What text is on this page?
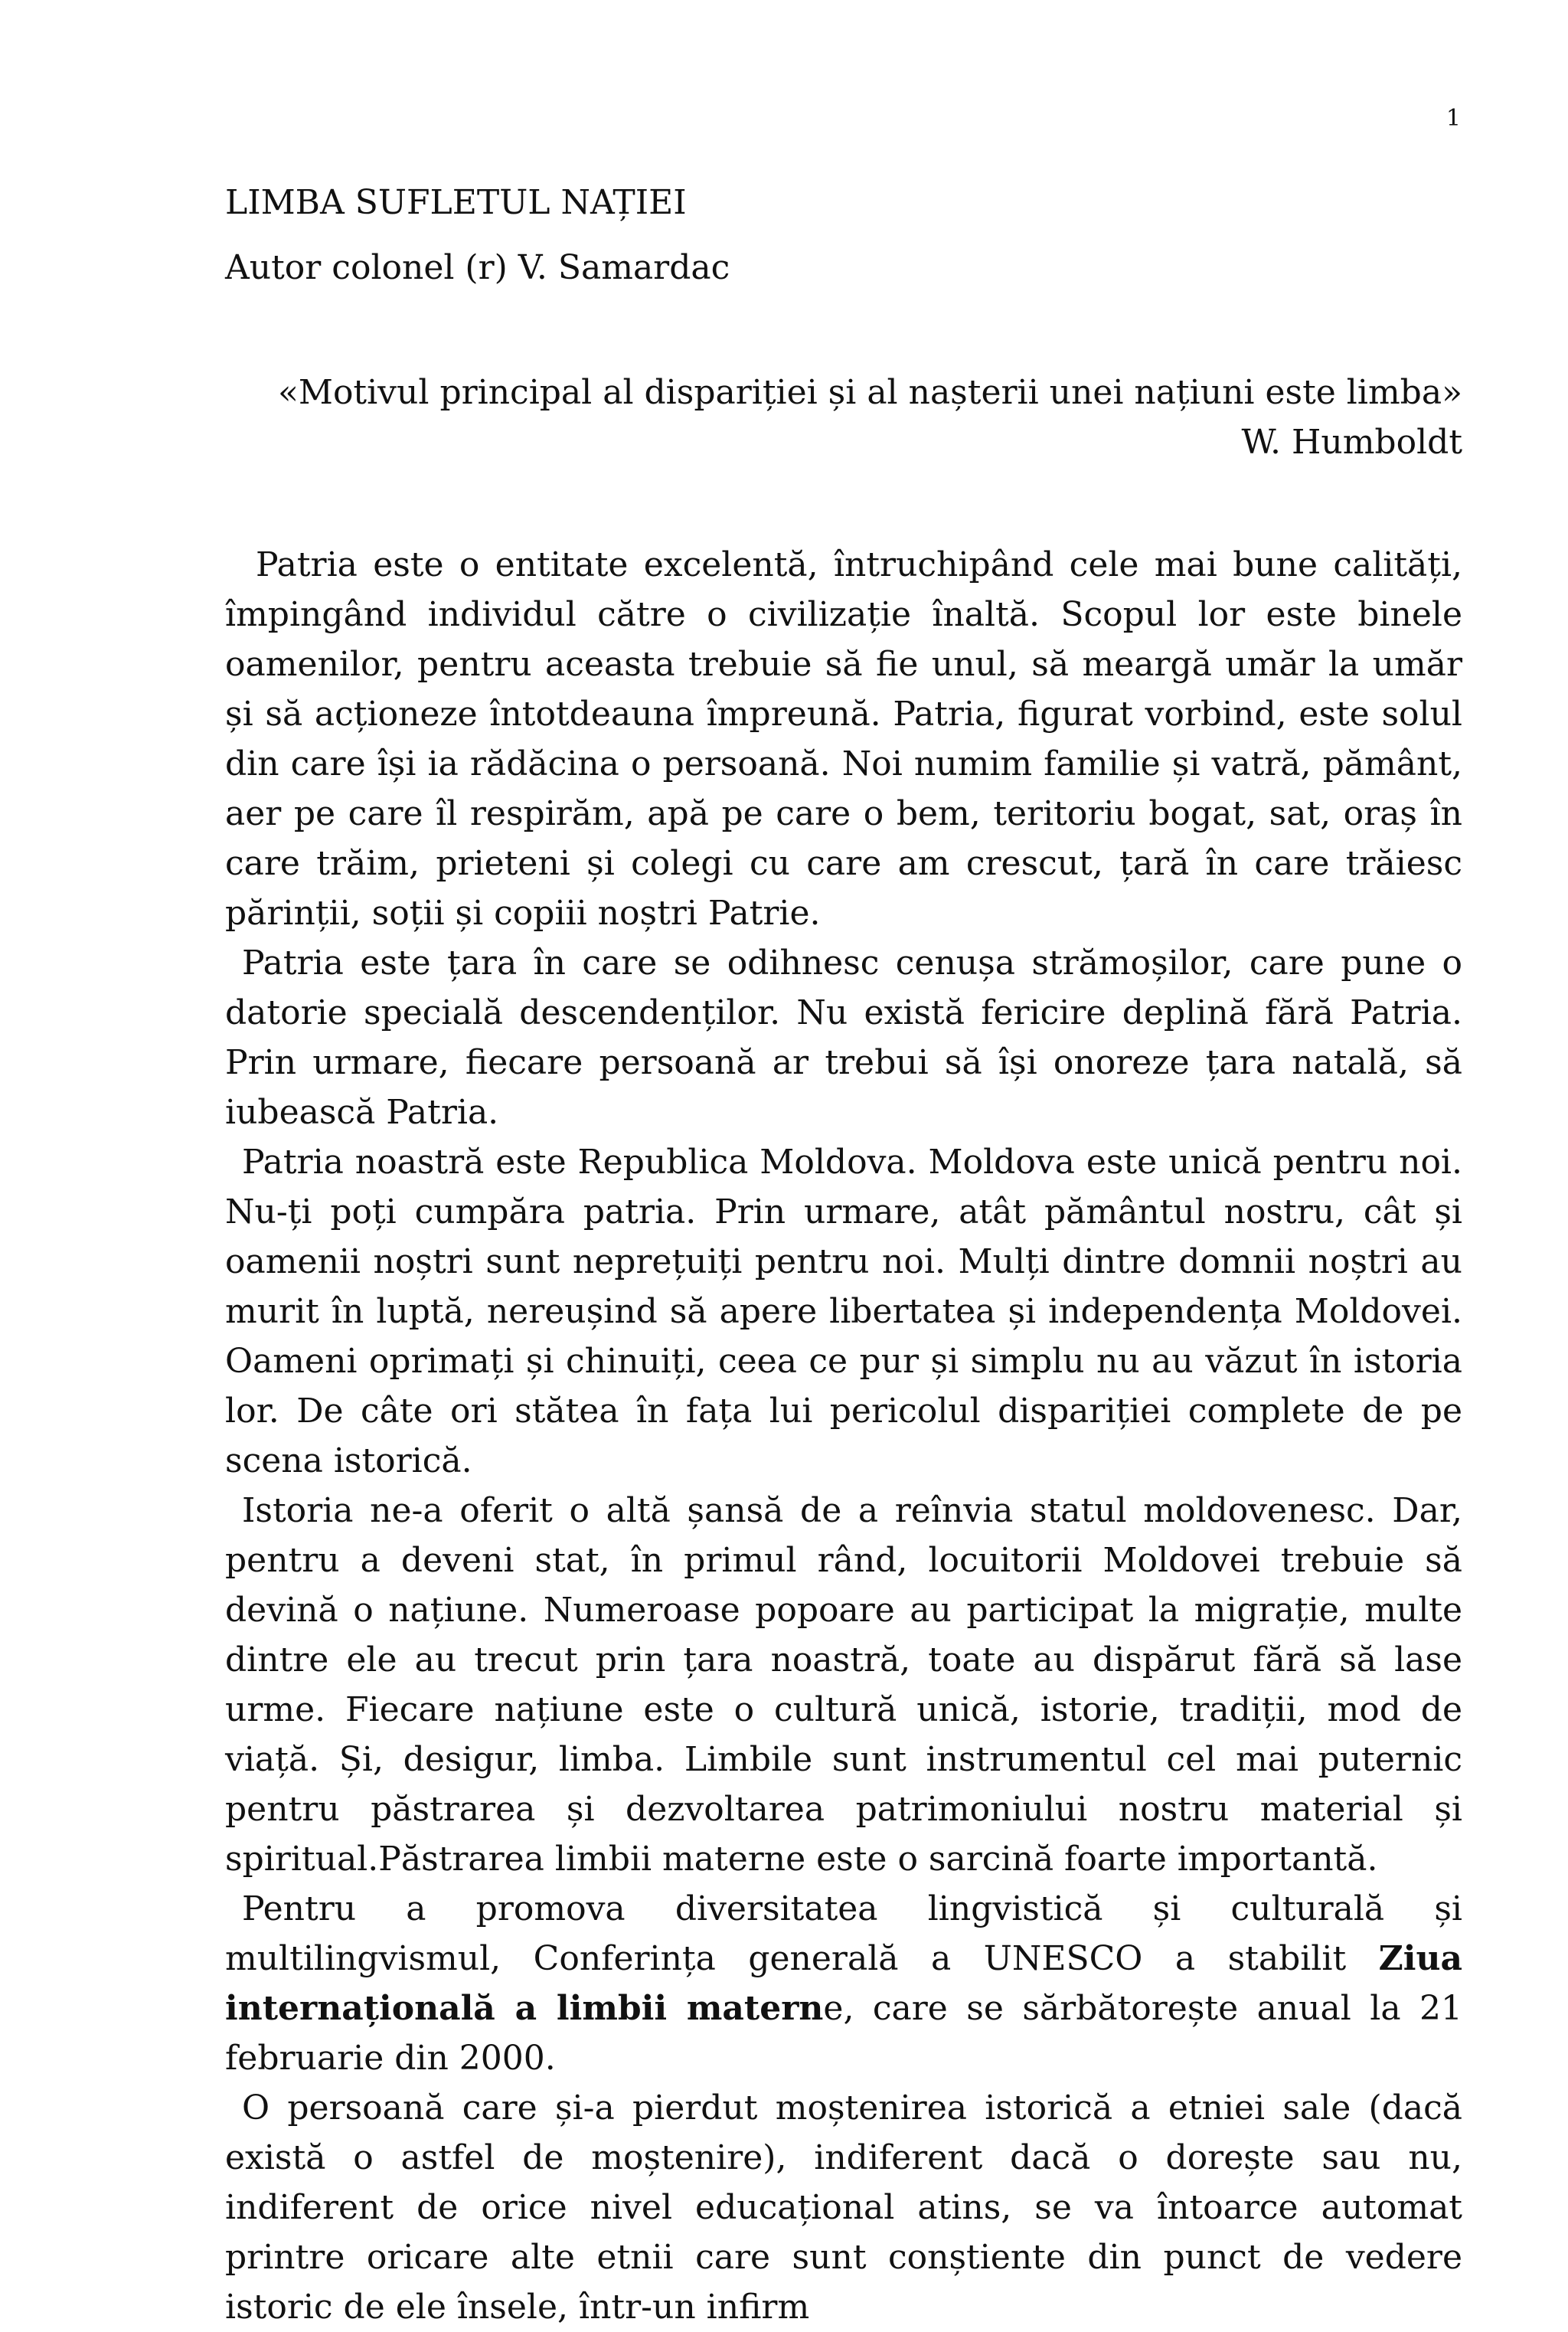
1
LIMBA SUFLETUL NAȚIEI

Autor colonel (r) V. Samardac

«Motivul principal al dispariției și al nașterii unei națiuni este limba»
W. Humboldt

Patria este o entitate excelentă, întruchipând cele mai bune calități, împingând individul către o civilizație înaltă. Scopul lor este binele oamenilor, pentru aceasta trebuie să fie unul, să meargă umăr la umăr și să acționeze întotdeauna împreună. Patria, figurat vorbind, este solul din care își ia rădăcina o persoană. Noi numim familie și vatră, pământ, aer pe care îl respirăm, apă pe care o bem, teritoriu bogat, sat, oraș în care trăim, prieteni și colegi cu care am crescut, țară în care trăiesc părinții, soții și copiii noștri Patrie.

Patria este țara în care se odihnesc cenușa strămoșilor, care pune o datorie specială descendenților. Nu există fericire deplină fără Patria. Prin urmare, fiecare persoană ar trebui să își onoreze țara natală, să iubească Patria.

Patria noastră este Republica Moldova. Moldova este unică pentru noi. Nu-ți poți cumpăra patria. Prin urmare, atât pământul nostru, cât și oamenii noștri sunt neprețuiți pentru noi. Mulți dintre domnii noștri au murit în luptă, nereușind să apere libertatea și independența Moldovei. Oameni oprimați și chinuiți, ceea ce pur și simplu nu au văzut în istoria lor. De câte ori stătea în fața lui pericolul dispariției complete de pe scena istorică.

Istoria ne-a oferit o altă șansă de a reînvia statul moldovenesc. Dar, pentru a deveni stat, în primul rând, locuitorii Moldovei trebuie să devină o națiune. Numeroase popoare au participat la migrație, multe dintre ele au trecut prin țara noastră, toate au dispărut fără să lase urme. Fiecare națiune este o cultură unică, istorie, tradiții, mod de viață. Și, desigur, limba. Limbile sunt instrumentul cel mai puternic pentru păstrarea și dezvoltarea patrimoniului nostru material și spiritual.Păstrarea limbii materne este o sarcină foarte importantă.

Pentru a promova diversitatea lingvistică și culturală și multilingvismul, Conferința generală a UNESCO a stabilit Ziua internațională a limbii materne, care se sărbătorește anual la 21 februarie din 2000.

O persoană care și-a pierdut moștenirea istorică a etniei sale (dacă există o astfel de moștenire), indiferent dacă o dorește sau nu, indiferent de orice nivel educațional atins, se va întoarce automat printre oricare alte etnii care sunt conștiente din punct de vedere istoric de ele însele, într-un infirm
